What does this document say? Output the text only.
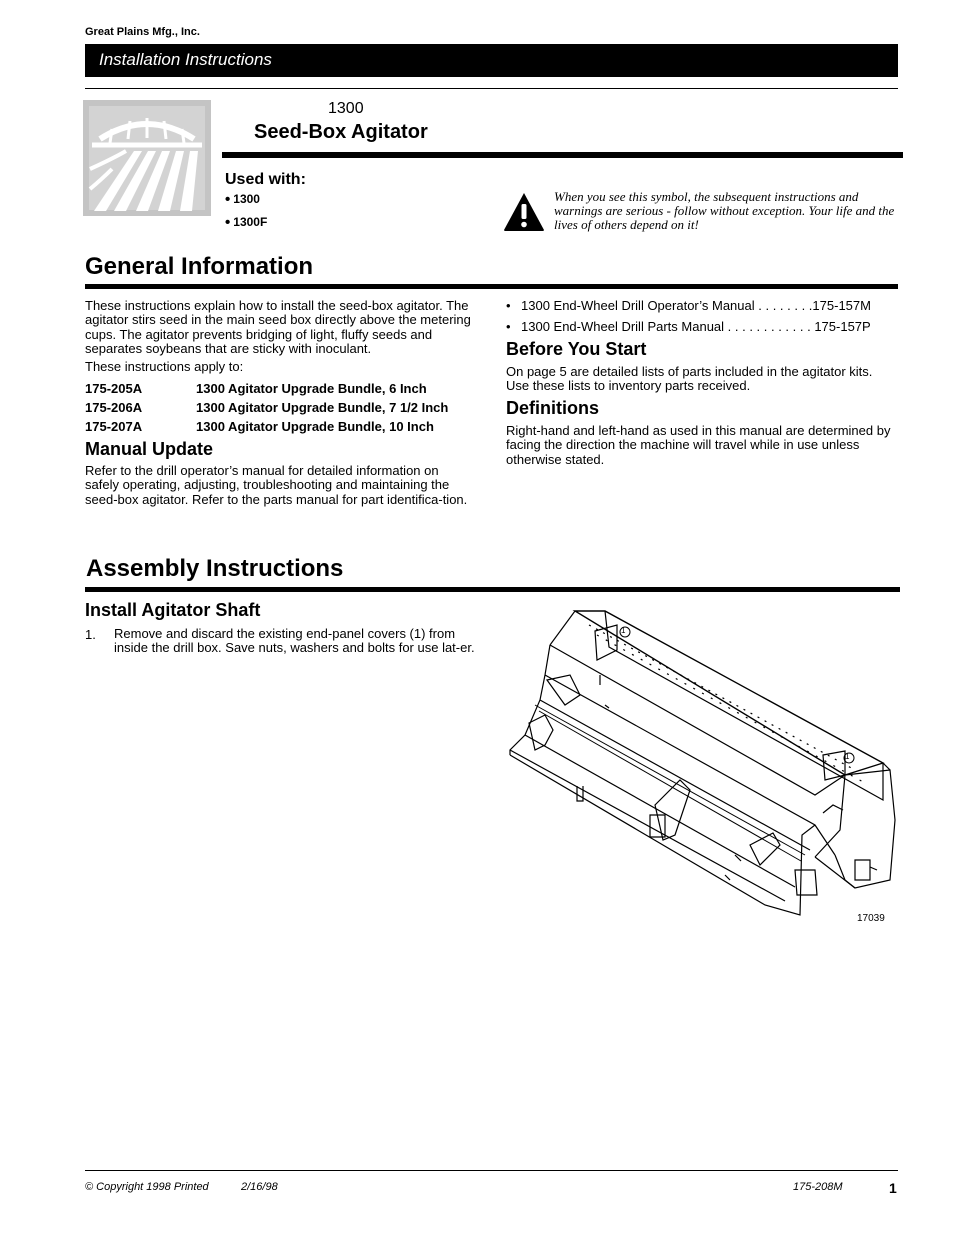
Great Plains Mfg., Inc.
Installation Instructions
1300
Seed-Box Agitator
Used with:
• 1300
• 1300F
When you see this symbol, the subsequent instructions and warnings are serious - follow without exception. Your life and the lives of others depend on it!
General Information
These instructions explain how to install the seed-box agitator. The agitator stirs seed in the main seed box directly above the metering cups. The agitator prevents bridging of light, fluffy seeds and separates soybeans that are sticky with inoculant.
These instructions apply to:
175-205A	1300 Agitator Upgrade Bundle, 6 Inch
175-206A	1300 Agitator Upgrade Bundle, 7 1/2 Inch
175-207A	1300 Agitator Upgrade Bundle, 10 Inch
Manual Update
Refer to the drill operator’s manual for detailed information on safely operating, adjusting, troubleshooting and maintaining the seed-box agitator. Refer to the parts manual for part identifica-tion.
• 1300 End-Wheel Drill Operator’s Manual . . . . . . . .175-157M
• 1300 End-Wheel Drill Parts Manual . . . . . . . . . . . . 175-157P
Before You Start
On page 5 are detailed lists of parts included in the agitator kits. Use these lists to inventory parts received.
Definitions
Right-hand and left-hand as used in this manual are determined by facing the direction the machine will travel while in use unless otherwise stated.
Assembly Instructions
Install Agitator Shaft
1. Remove and discard the existing end-panel covers (1) from inside the drill box. Save nuts, washers and bolts for use lat-er.
1
1
17039
© Copyright 1998 Printed	2/16/98	175-208M	1
